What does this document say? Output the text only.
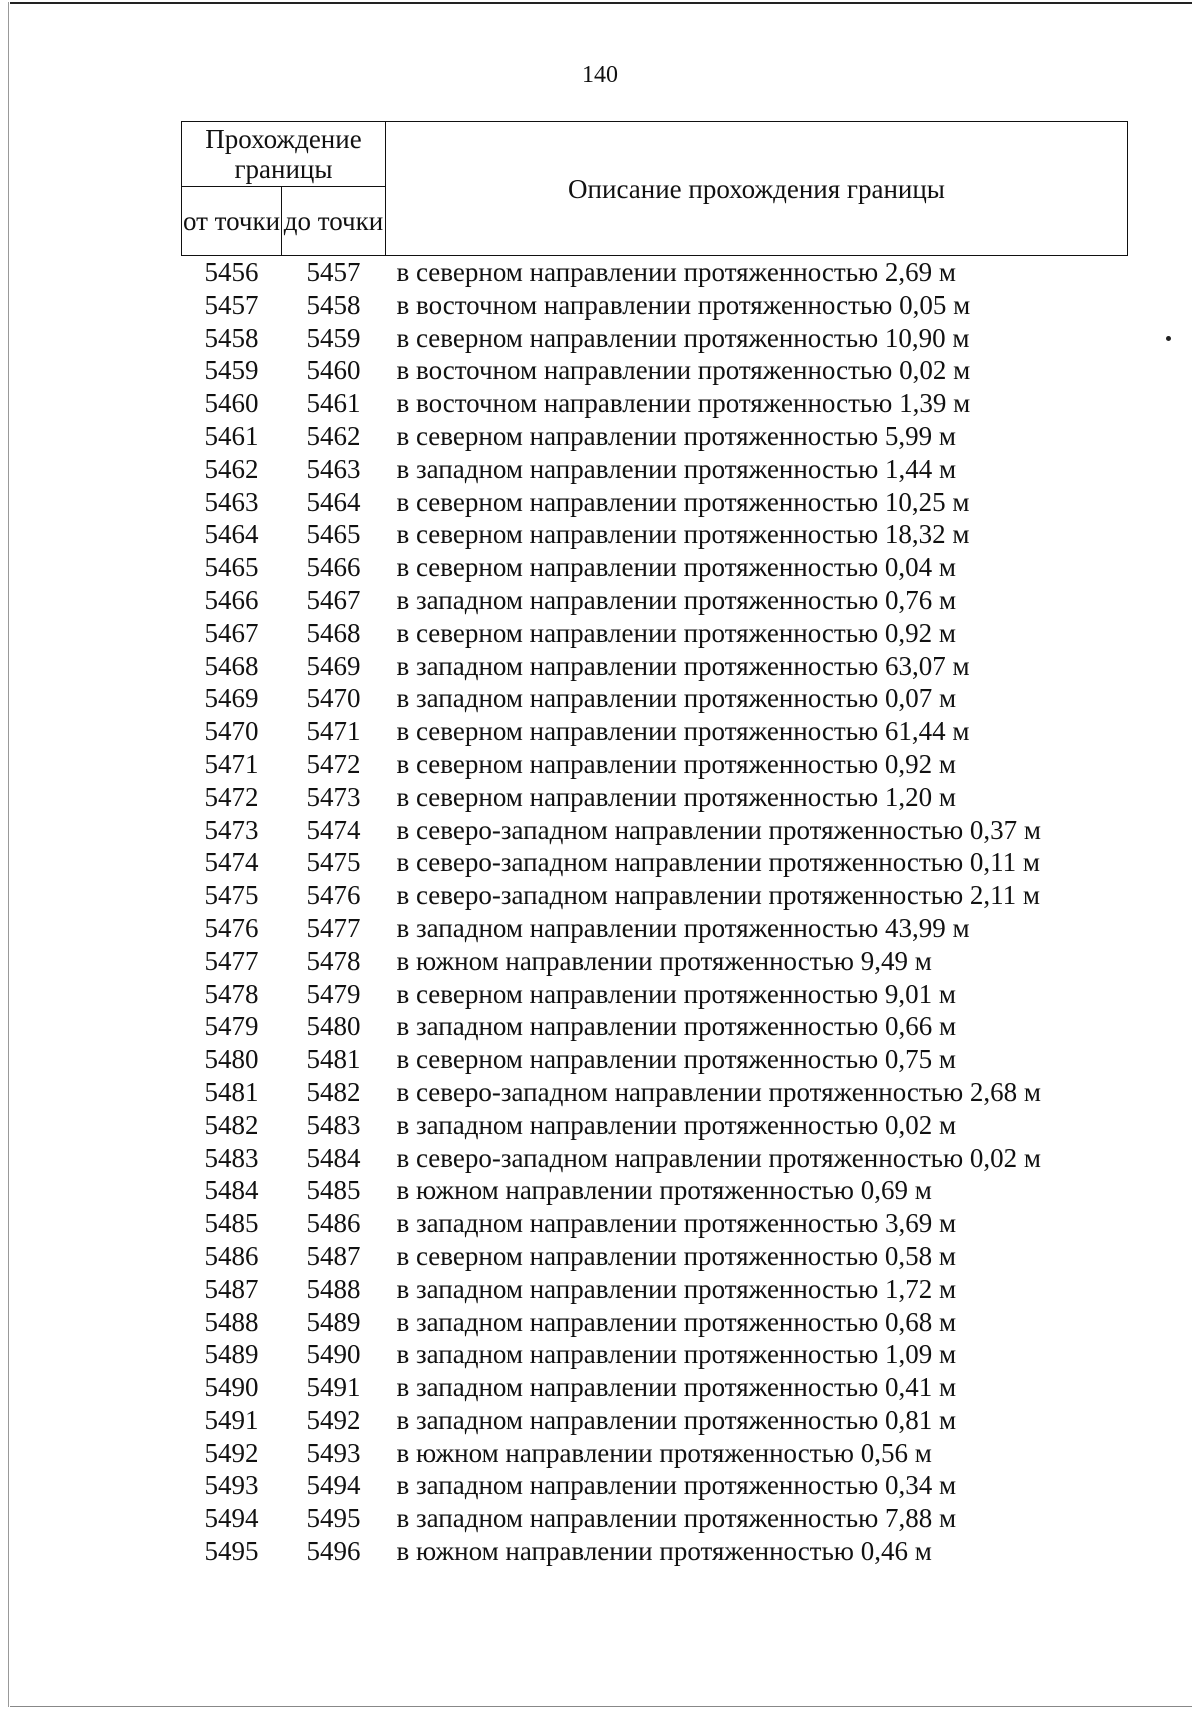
140
Прохождение границы		Описание прохождения границы
от точки	до точки	
5456	5457	в северном направлении протяженностью 2,69 м
5457	5458	в восточном направлении протяженностью 0,05 м
5458	5459	в северном направлении протяженностью 10,90 м
5459	5460	в восточном направлении протяженностью 0,02 м
5460	5461	в восточном направлении протяженностью 1,39 м
5461	5462	в северном направлении протяженностью 5,99 м
5462	5463	в западном направлении протяженностью 1,44 м
5463	5464	в северном направлении протяженностью 10,25 м
5464	5465	в северном направлении протяженностью 18,32 м
5465	5466	в северном направлении протяженностью 0,04 м
5466	5467	в западном направлении протяженностью 0,76 м
5467	5468	в северном направлении протяженностью 0,92 м
5468	5469	в западном направлении протяженностью 63,07 м
5469	5470	в западном направлении протяженностью 0,07 м
5470	5471	в северном направлении протяженностью 61,44 м
5471	5472	в северном направлении протяженностью 0,92 м
5472	5473	в северном направлении протяженностью 1,20 м
5473	5474	в северо-западном направлении протяженностью 0,37 м
5474	5475	в северо-западном направлении протяженностью 0,11 м
5475	5476	в северо-западном направлении протяженностью 2,11 м
5476	5477	в западном направлении протяженностью 43,99 м
5477	5478	в южном направлении протяженностью 9,49 м
5478	5479	в северном направлении протяженностью 9,01 м
5479	5480	в западном направлении протяженностью 0,66 м
5480	5481	в северном направлении протяженностью 0,75 м
5481	5482	в северо-западном направлении протяженностью 2,68 м
5482	5483	в западном направлении протяженностью 0,02 м
5483	5484	в северо-западном направлении протяженностью 0,02 м
5484	5485	в южном направлении протяженностью 0,69 м
5485	5486	в западном направлении протяженностью 3,69 м
5486	5487	в северном направлении протяженностью 0,58 м
5487	5488	в западном направлении протяженностью 1,72 м
5488	5489	в западном направлении протяженностью 0,68 м
5489	5490	в западном направлении протяженностью 1,09 м
5490	5491	в западном направлении протяженностью 0,41 м
5491	5492	в западном направлении протяженностью 0,81 м
5492	5493	в южном направлении протяженностью 0,56 м
5493	5494	в западном направлении протяженностью 0,34 м
5494	5495	в западном направлении протяженностью 7,88 м
5495	5496	в южном направлении протяженностью 0,46 м
